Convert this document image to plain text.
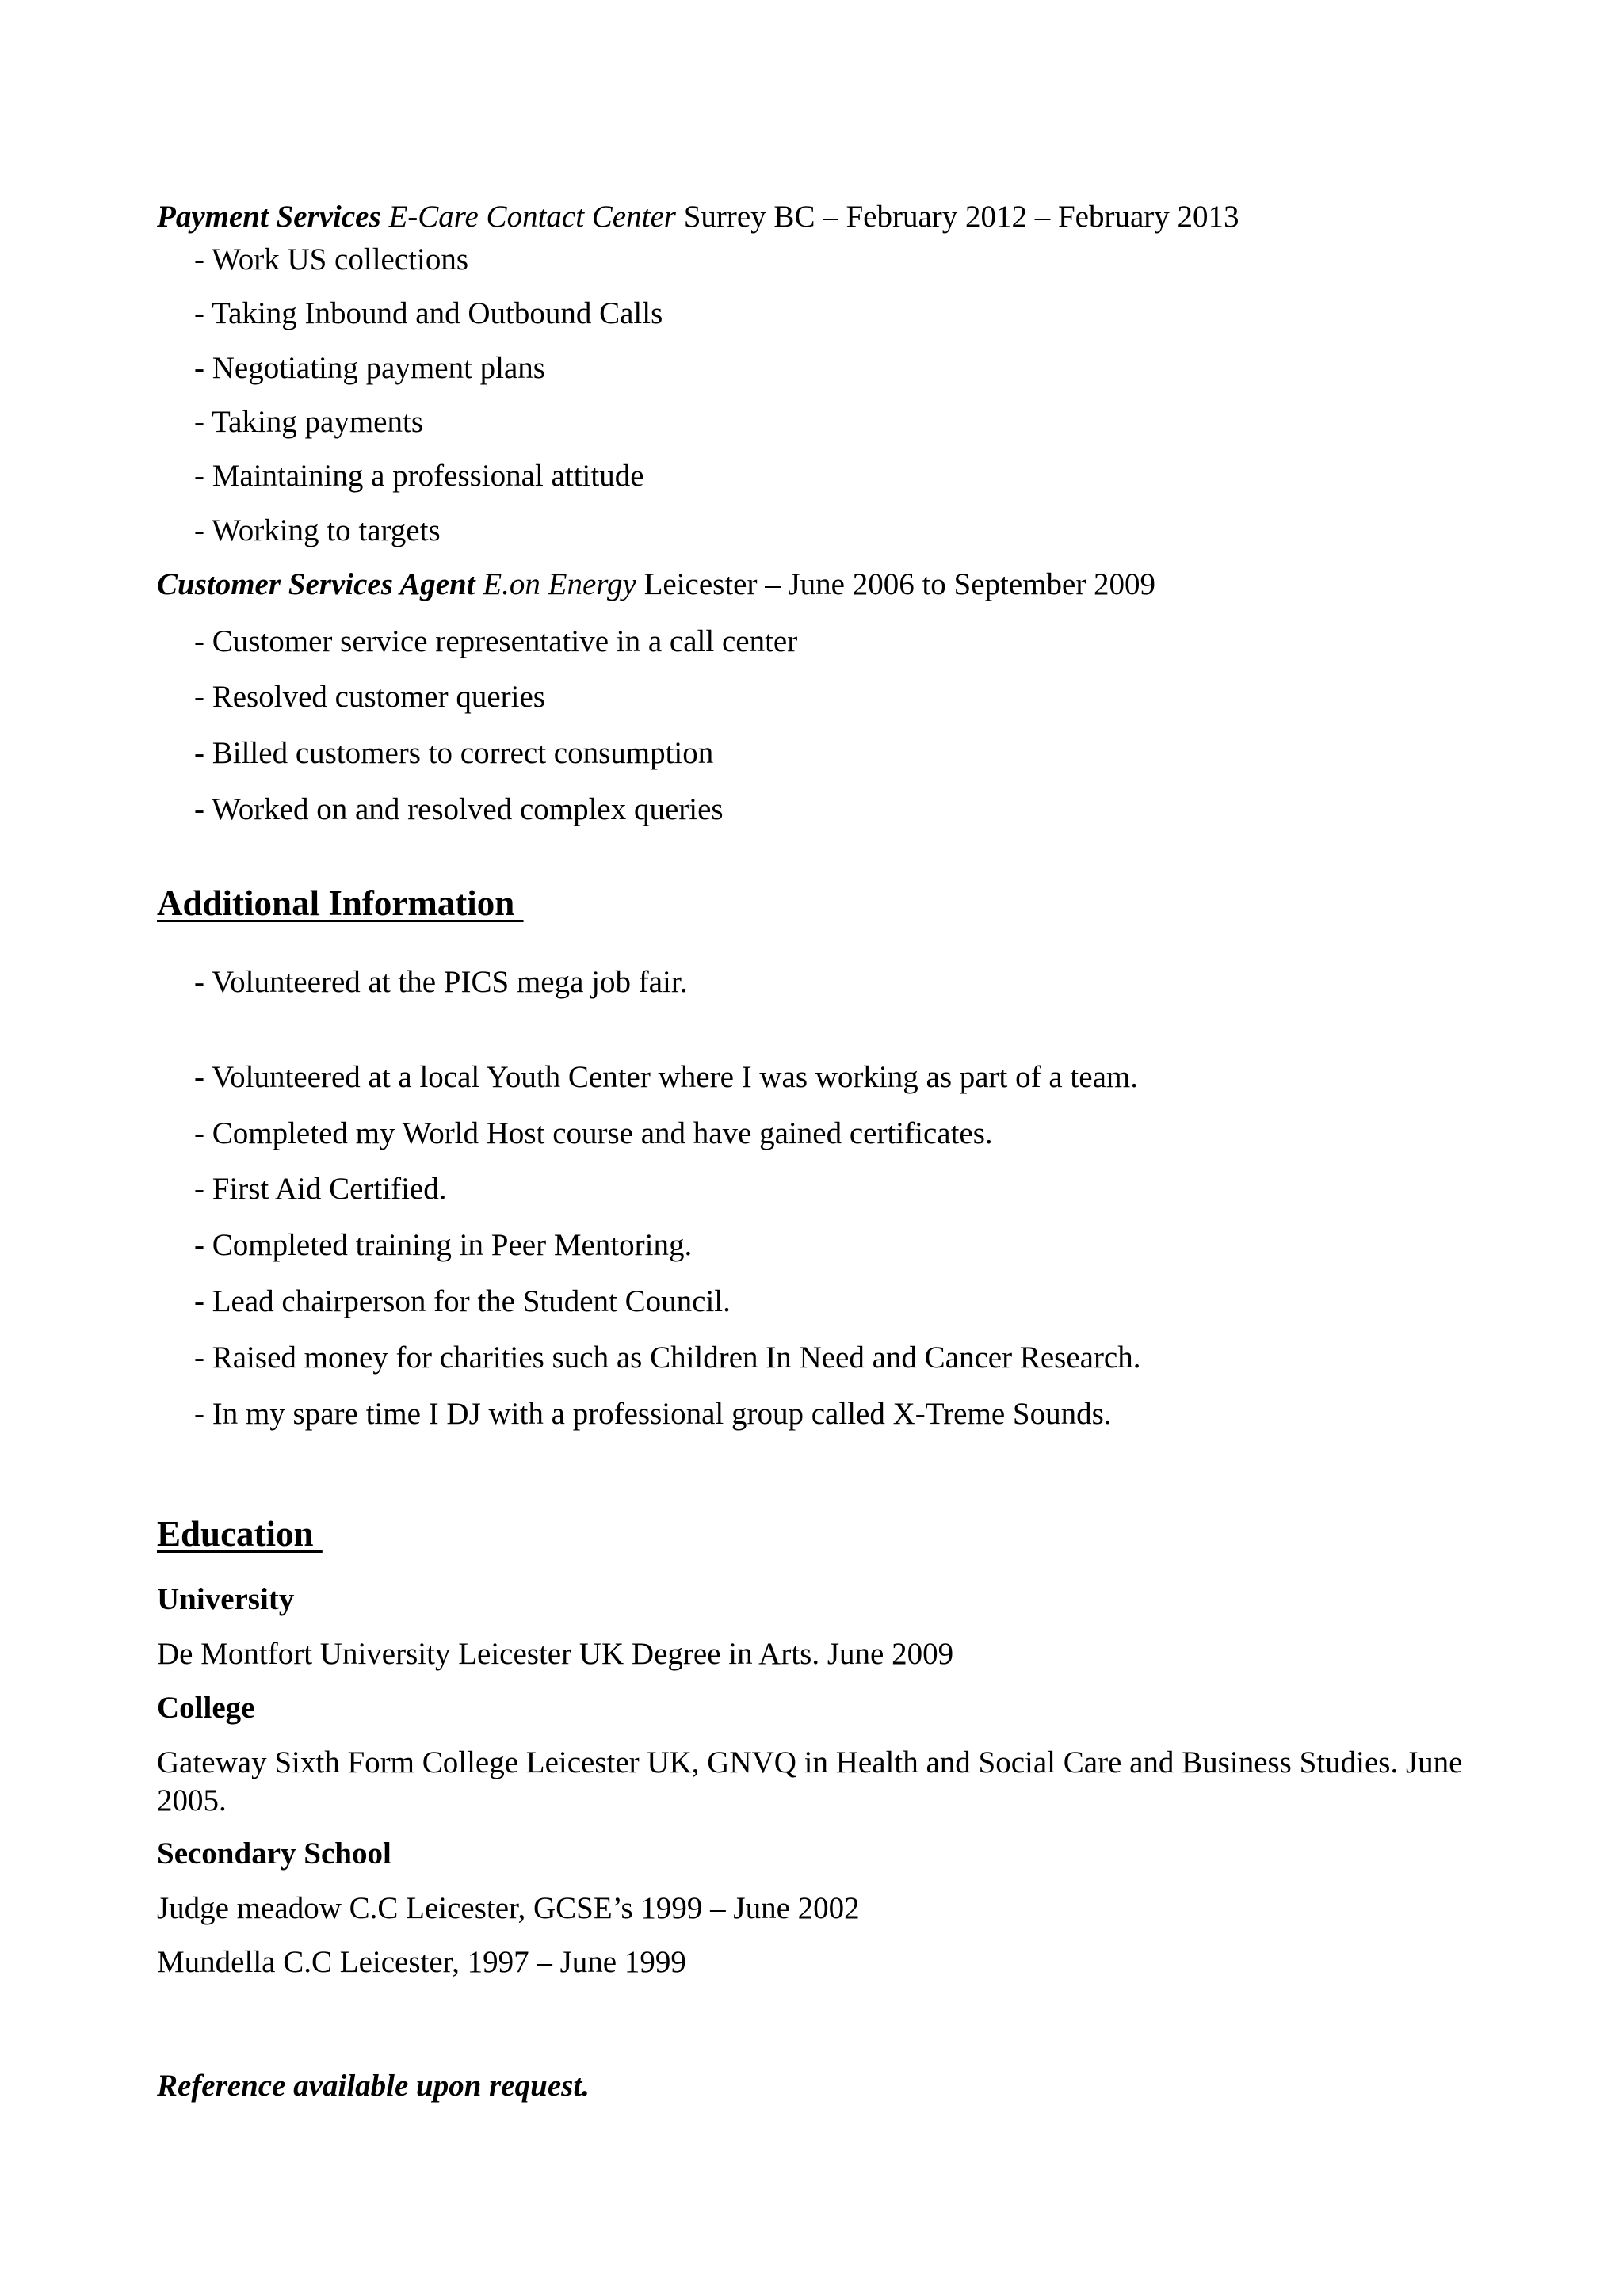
Payment Services E-Care Contact Center Surrey BC – February 2012 – February 2013
- Work US collections
- Taking Inbound and Outbound Calls
- Negotiating payment plans
- Taking payments
- Maintaining a professional attitude
- Working to targets
Customer Services Agent E.on Energy Leicester – June 2006 to September 2009
- Customer service representative in a call center
- Resolved customer queries
- Billed customers to correct consumption
- Worked on and resolved complex queries
Additional Information
- Volunteered at the PICS mega job fair.
- Volunteered at a local Youth Center where I was working as part of a team.
- Completed my World Host course and have gained certificates.
- First Aid Certified.
- Completed training in Peer Mentoring.
- Lead chairperson for the Student Council.
- Raised money for charities such as Children In Need and Cancer Research.
- In my spare time I DJ with a professional group called X-Treme Sounds.
Education
University
De Montfort University Leicester UK Degree in Arts. June 2009
College
Gateway Sixth Form College Leicester UK, GNVQ in Health and Social Care and Business Studies. June 2005.
Secondary School
Judge meadow C.C Leicester, GCSE’s 1999 – June 2002
Mundella C.C Leicester, 1997 – June 1999
Reference available upon request.
